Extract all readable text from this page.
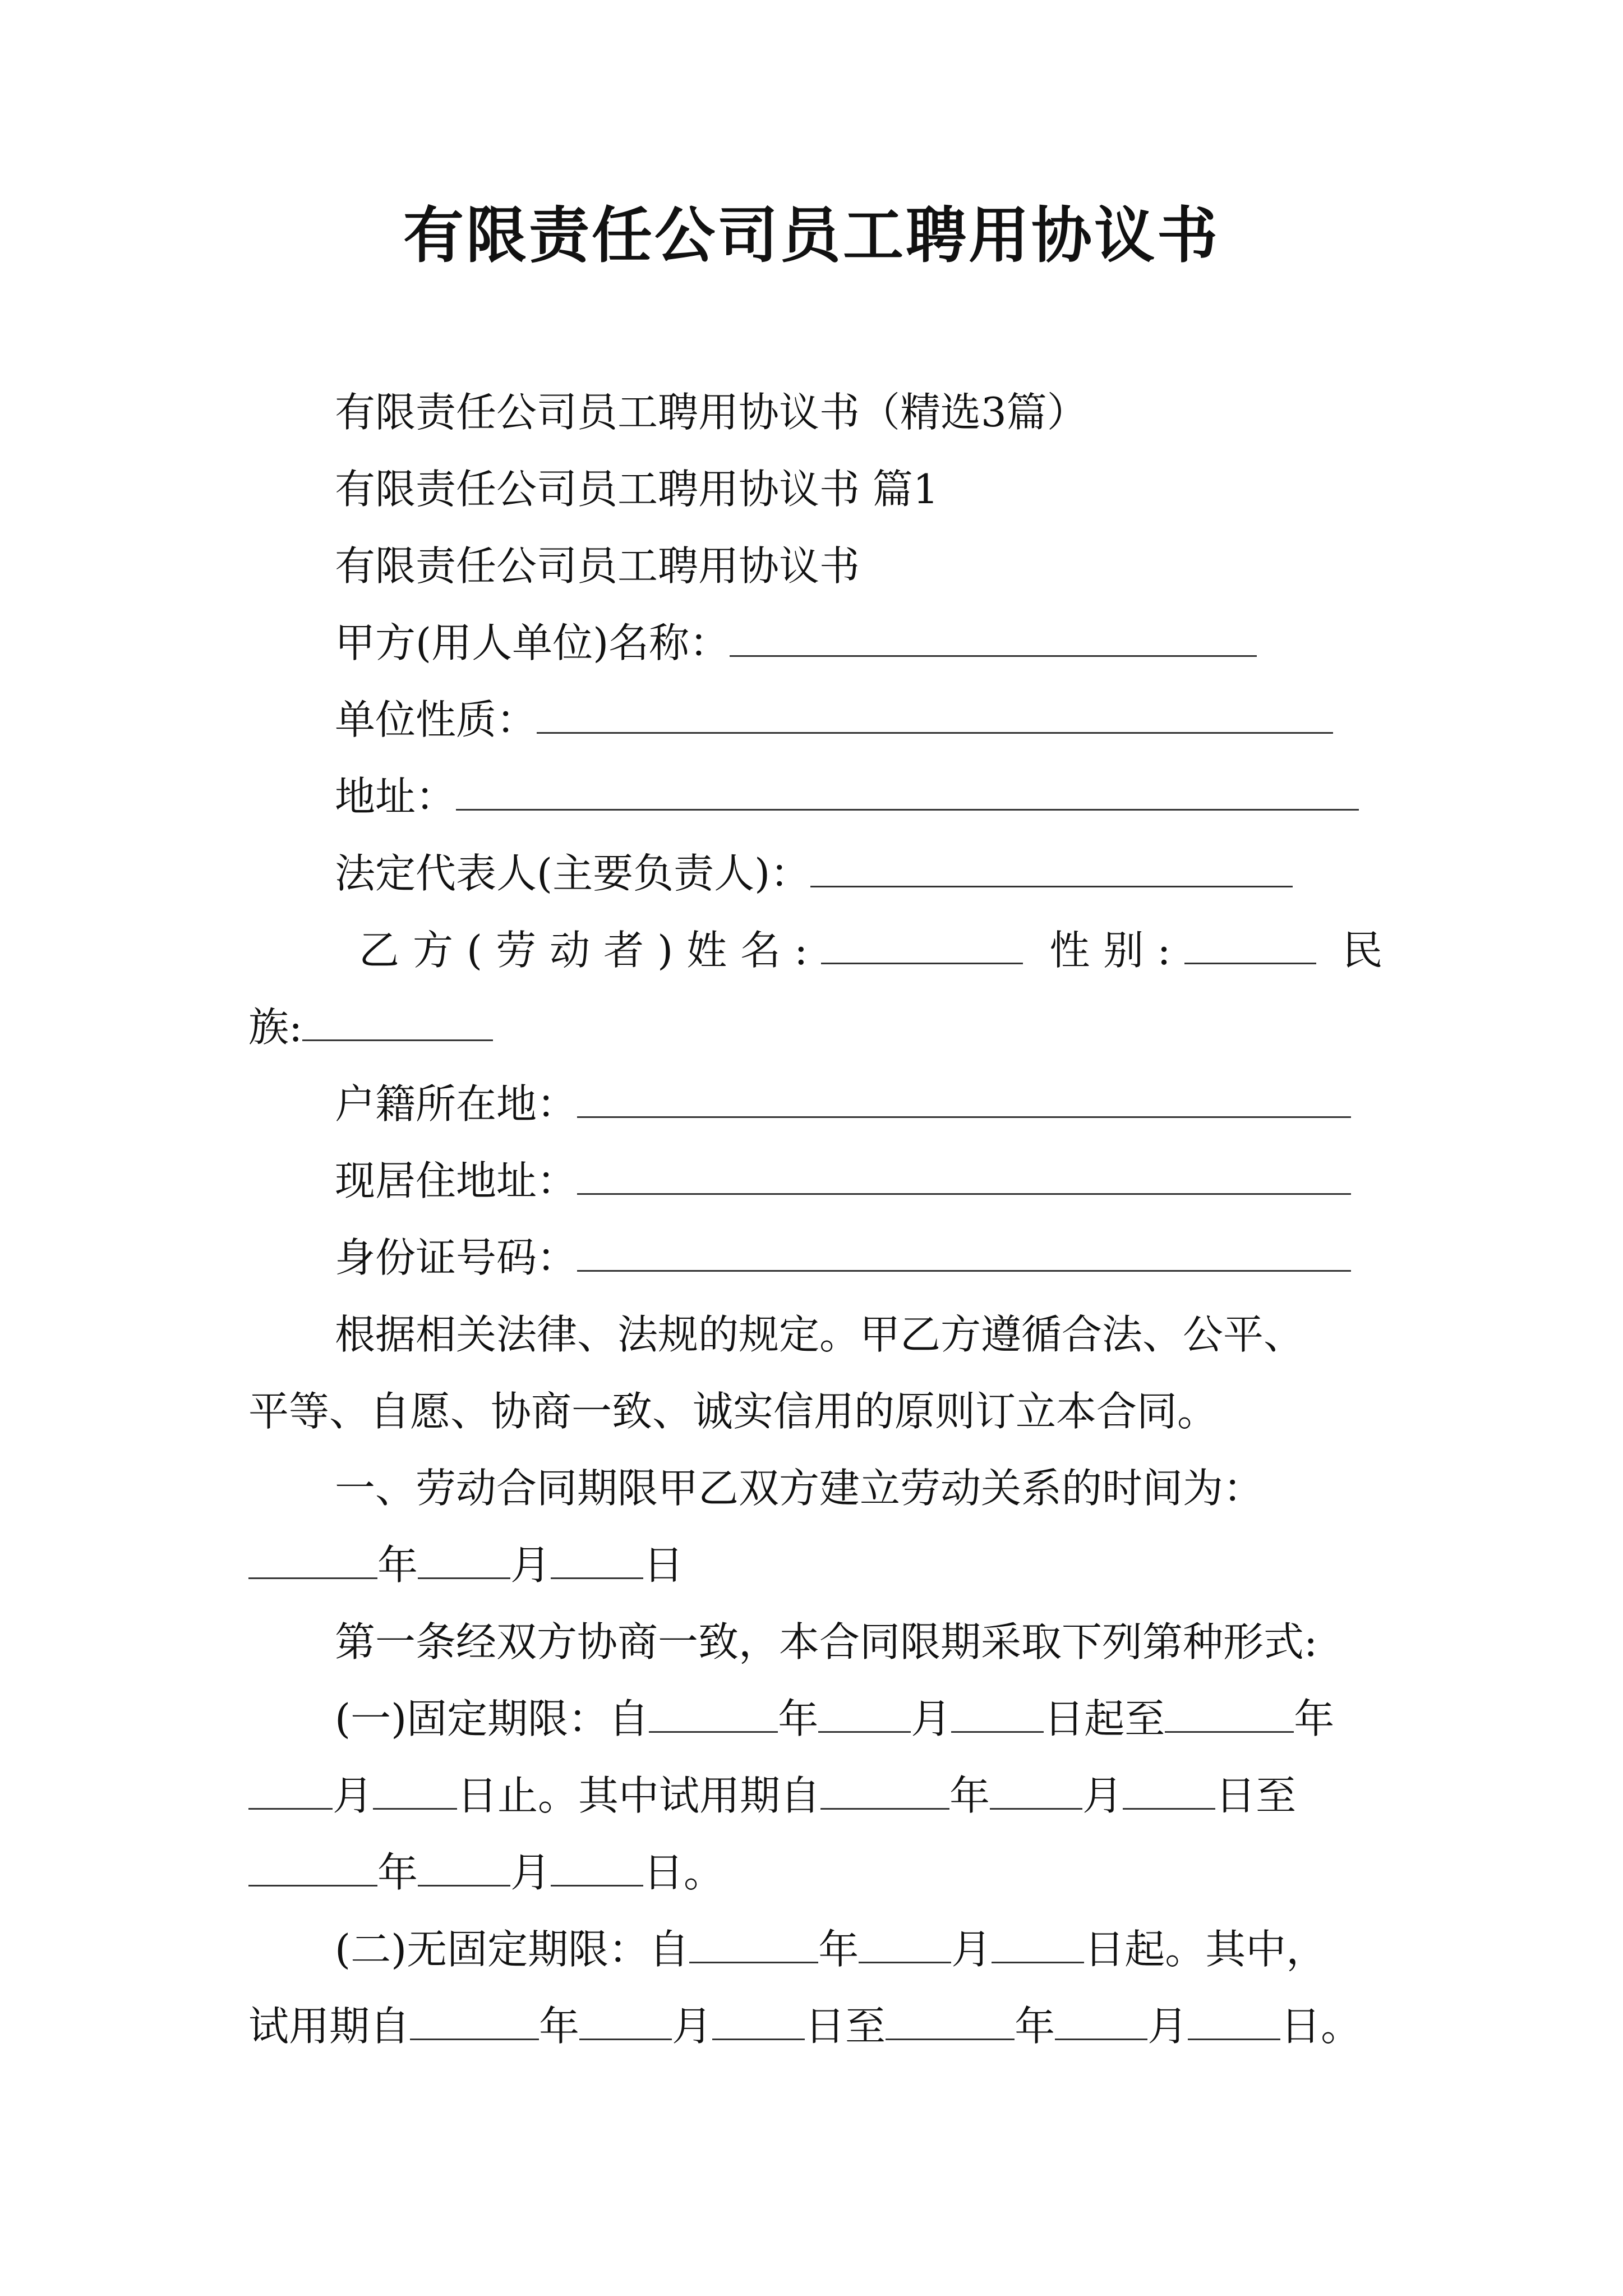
有限责任公司员工聘用协议书
有限责任公司员工聘用协议书（精选3篇）
有限责任公司员工聘用协议书 篇1
有限责任公司员工聘用协议书
甲方(用人单位)名称：
单位性质：
地址：
法定代表人(主要负责人)：
乙方(劳动者)姓名:	性别:	民
族:
户籍所在地：
现居住地址：
身份证号码：
根据相关法律、法规的规定。甲乙方遵循合法、公平、
平等、自愿、协商一致、诚实信用的原则订立本合同。
一、劳动合同期限甲乙双方建立劳动关系的时间为：
年 月 日
第一条经双方协商一致，本合同限期采取下列第种形式:
(一)固定期限：自	年 月 日起至	年
月 日止。其中试用期自	年 月 日至
年 月 日。
(二)无固定期限：自	年 月 日起。其中，
试用期自	年 月 日至	年 月 日。
